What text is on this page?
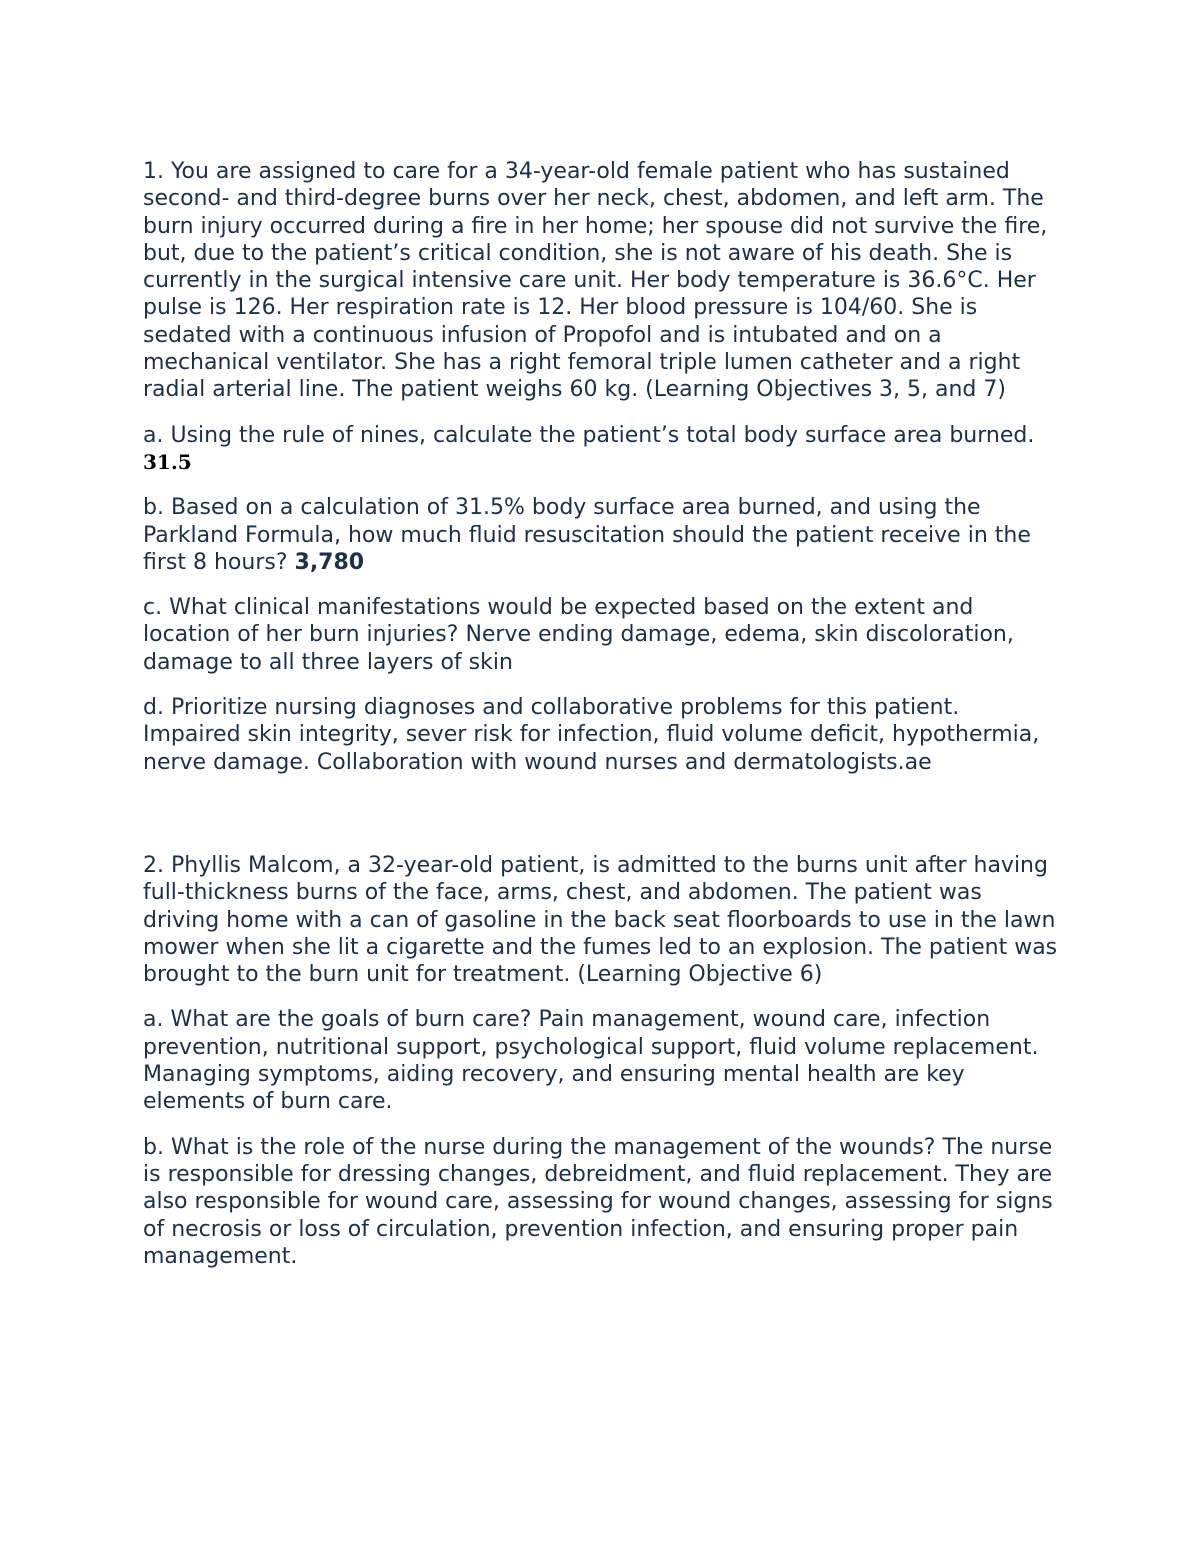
1. You are assigned to care for a 34-year-old female patient who has sustained second- and third-degree burns over her neck, chest, abdomen, and left arm. The burn injury occurred during a fire in her home; her spouse did not survive the fire, but, due to the patient’s critical condition, she is not aware of his death. She is currently in the surgical intensive care unit. Her body temperature is 36.6°C. Her pulse is 126. Her respiration rate is 12. Her blood pressure is 104/60. She is sedated with a continuous infusion of Propofol and is intubated and on a mechanical ventilator. She has a right femoral triple lumen catheter and a right radial arterial line. The patient weighs 60 kg. (Learning Objectives 3, 5, and 7)

a. Using the rule of nines, calculate the patient’s total body surface area burned. 31.5

b. Based on a calculation of 31.5% body surface area burned, and using the Parkland Formula, how much fluid resuscitation should the patient receive in the first 8 hours? 3,780

c. What clinical manifestations would be expected based on the extent and location of her burn injuries? Nerve ending damage, edema, skin discoloration, damage to all three layers of skin

d. Prioritize nursing diagnoses and collaborative problems for this patient. Impaired skin integrity, sever risk for infection, fluid volume deficit, hypothermia, nerve damage. Collaboration with wound nurses and dermatologists.ae

2. Phyllis Malcom, a 32-year-old patient, is admitted to the burns unit after having full-thickness burns of the face, arms, chest, and abdomen. The patient was driving home with a can of gasoline in the back seat floorboards to use in the lawn mower when she lit a cigarette and the fumes led to an explosion. The patient was brought to the burn unit for treatment. (Learning Objective 6)

a. What are the goals of burn care? Pain management, wound care, infection prevention, nutritional support, psychological support, fluid volume replacement. Managing symptoms, aiding recovery, and ensuring mental health are key elements of burn care.

b. What is the role of the nurse during the management of the wounds? The nurse is responsible for dressing changes, debreidment, and fluid replacement. They are also responsible for wound care, assessing for wound changes, assessing for signs of necrosis or loss of circulation, prevention infection, and ensuring proper pain management.
